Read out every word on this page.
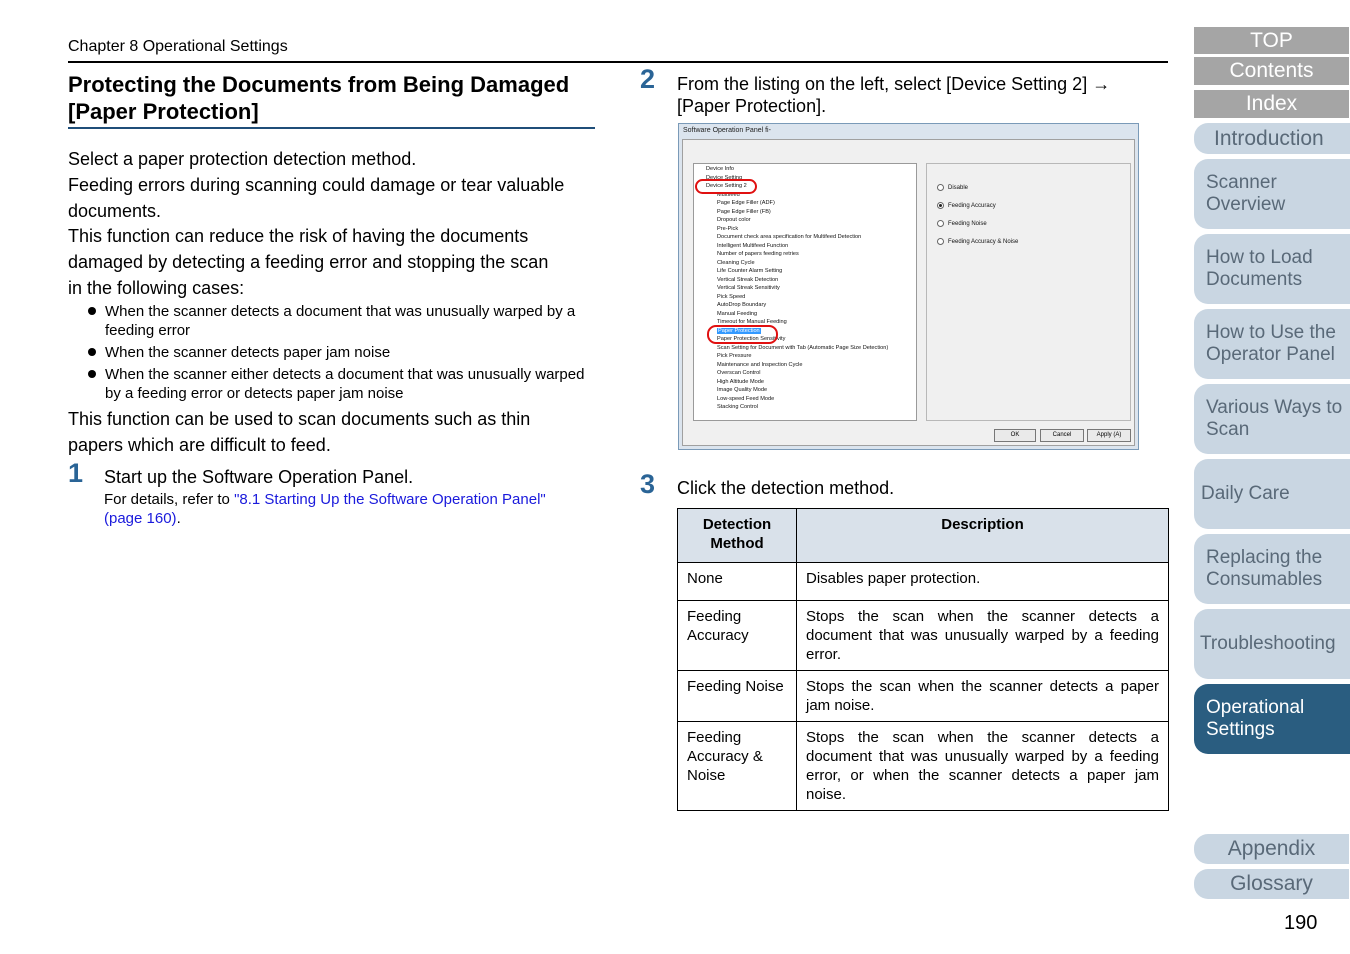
Chapter 8 Operational Settings
Protecting the Documents from Being Damaged
[Paper Protection]
Select a paper protection detection method.
Feeding errors during scanning could damage or tear valuable
documents.
This function can reduce the risk of having the documents
damaged by detecting a feeding error and stopping the scan
in the following cases:
When the scanner detects a document that was unusually warped by a feeding error
When the scanner detects paper jam noise
When the scanner either detects a document that was unusually warped by a feeding error or detects paper jam noise
This function can be used to scan documents such as thin
papers which are difficult to feed.
1 Start up the Software Operation Panel.
For details, refer to "8.1 Starting Up the Software Operation Panel"
(page 160).
2 From the listing on the left, select [Device Setting 2] →
[Paper Protection].
Software Operation Panel fi-
Device Info
Device Setting
Device Setting 2
Multifeed
Page Edge Filler (ADF)
Page Edge Filler (FB)
Dropout color
Pre-Pick
Document check area specification for Multifeed Detection
Intelligent Multifeed Function
Number of papers feeding retries
Cleaning Cycle
Life Counter Alarm Setting
Vertical Streak Detection
Vertical Streak Sensitivity
Pick Speed
AutoDrop Boundary
Manual Feeding
Timeout for Manual Feeding
Paper Protection
Paper Protection Sensitivity
Scan Setting for Document with Tab (Automatic Page Size Detection)
Pick Pressure
Maintenance and Inspection Cycle
Overscan Control
High Altitude Mode
Image Quality Mode
Low-speed Feed Mode
Stacking Control
Disable
Feeding Accuracy
Feeding Noise
Feeding Accuracy & Noise
OK	Cancel	Apply (A)
3 Click the detection method.
Detection Method	Description
None	Disables paper protection.
Feeding Accuracy	Stops the scan when the scanner detects a document that was unusually warped by a feeding error.
Feeding Noise	Stops the scan when the scanner detects a paper jam noise.
Feeding Accuracy & Noise	Stops the scan when the scanner detects a document that was unusually warped by a feeding error, or when the scanner detects a paper jam noise.
TOP
Contents
Index
Introduction
Scanner Overview
How to Load Documents
How to Use the Operator Panel
Various Ways to Scan
Daily Care
Replacing the Consumables
Troubleshooting
Operational Settings
Appendix
Glossary
190
